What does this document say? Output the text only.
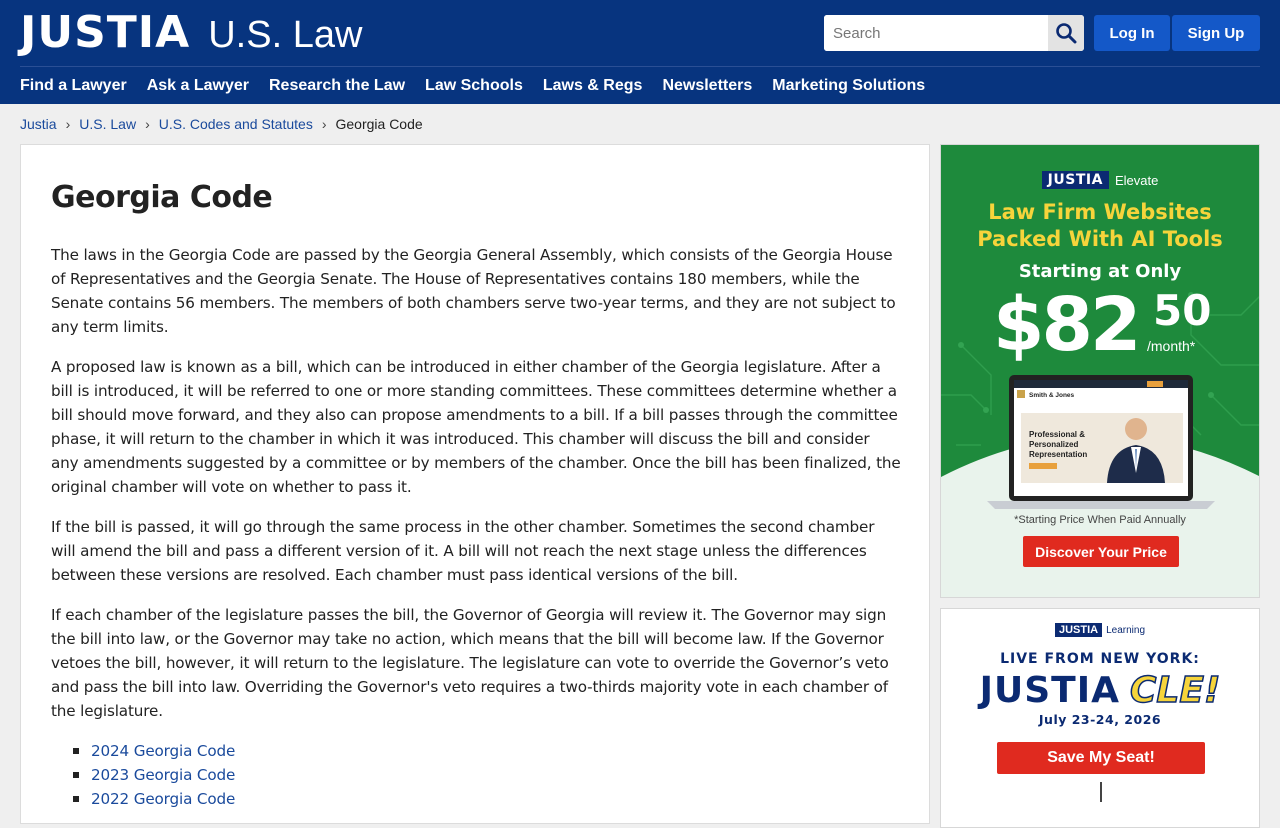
JUSTIA U.S. Law
Search	Log In	Sign Up
Find a Lawyer Ask a Lawyer Research the Law Law Schools Laws & Regs Newsletters Marketing Solutions
Justia › U.S. Law › U.S. Codes and Statutes › Georgia Code
Georgia Code

The laws in the Georgia Code are passed by the Georgia General Assembly, which consists of the Georgia House of Representatives and the Georgia Senate. The House of Representatives contains 180 members, while the Senate contains 56 members. The members of both chambers serve two-year terms, and they are not subject to any term limits.

A proposed law is known as a bill, which can be introduced in either chamber of the Georgia legislature. After a bill is introduced, it will be referred to one or more standing committees. These committees determine whether a bill should move forward, and they also can propose amendments to a bill. If a bill passes through the committee phase, it will return to the chamber in which it was introduced. This chamber will discuss the bill and consider any amendments suggested by a committee or by members of the chamber. Once the bill has been finalized, the original chamber will vote on whether to pass it.

If the bill is passed, it will go through the same process in the other chamber. Sometimes the second chamber will amend the bill and pass a different version of it. A bill will not reach the next stage unless the differences between these versions are resolved. Each chamber must pass identical versions of the bill.

If each chamber of the legislature passes the bill, the Governor of Georgia will review it. The Governor may sign the bill into law, or the Governor may take no action, which means that the bill will become law. If the Governor vetoes the bill, however, it will return to the legislature. The legislature can vote to override the Governor’s veto and pass the bill into law. Overriding the Governor's veto requires a two-thirds majority vote in each chamber of the legislature.

2024 Georgia Code
2023 Georgia Code
2022 Georgia Code
JUSTIA Elevate
Law Firm Websites
Packed With AI Tools
Starting at Only
$82 50
/month*
Smith & Jones
Professional &
Personalized
Representation
*Starting Price When Paid Annually
Discover Your Price
JUSTIA Learning
LIVE FROM NEW YORK:
JUSTIA CLE!
July 23-24, 2026
Save My Seat!
